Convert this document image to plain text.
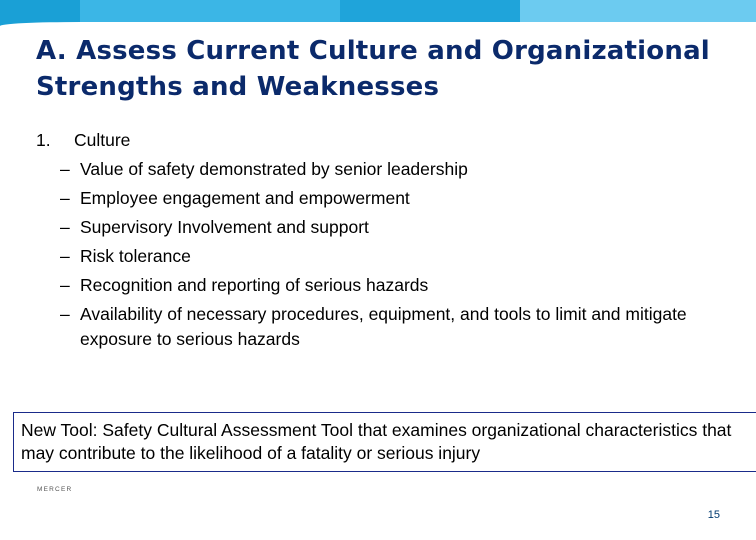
A. Assess Current Culture and Organizational
Strengths and Weaknesses
1.	Culture
– Value of safety demonstrated by senior leadership
– Employee engagement and empowerment
– Supervisory Involvement and support
– Risk tolerance
– Recognition and reporting of serious hazards
– Availability of necessary procedures, equipment, and tools to limit and mitigate exposure to serious hazards
New Tool: Safety Cultural Assessment Tool that examines organizational characteristics that may contribute to the likelihood of a fatality or serious injury
MERCER
15
